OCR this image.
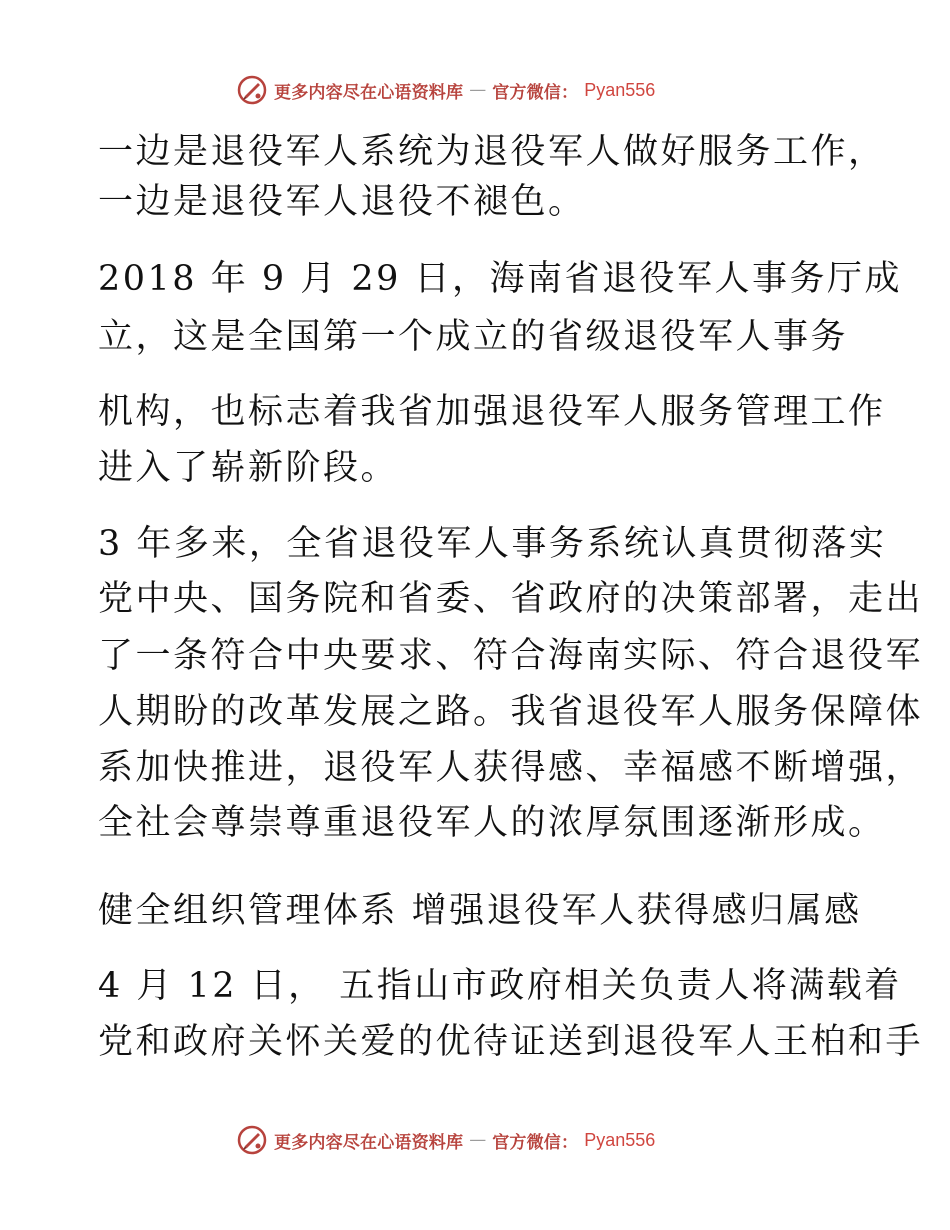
更多内容尽在心语资料库 — 官方微信： Pyan556
一边是退役军人系统为退役军人做好服务工作，
一边是退役军人退役不褪色。
2018 年 9 月 29 日，海南省退役军人事务厅成
立，这是全国第一个成立的省级退役军人事务
机构，也标志着我省加强退役军人服务管理工作
进入了崭新阶段。
3 年多来，全省退役军人事务系统认真贯彻落实
党中央、国务院和省委、省政府的决策部署，走出
了一条符合中央要求、符合海南实际、符合退役军
人期盼的改革发展之路。我省退役军人服务保障体
系加快推进，退役军人获得感、幸福感不断增强，
全社会尊崇尊重退役军人的浓厚氛围逐渐形成。
健全组织管理体系 增强退役军人获得感归属感
4 月 12 日， 五指山市政府相关负责人将满载着
党和政府关怀关爱的优待证送到退役军人王柏和手
更多内容尽在心语资料库 — 官方微信： Pyan556
